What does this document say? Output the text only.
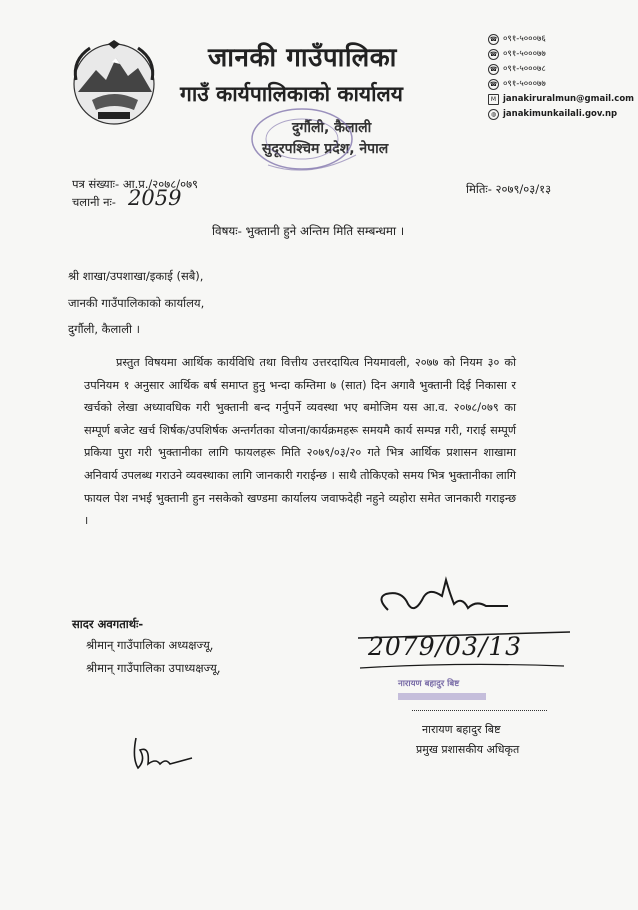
जानकी गाउँपालिका
गाउँ कार्यपालिकाको कार्यालय
दुर्गौली, कैलाली
सुदूरपश्चिम प्रदेश, नेपाल
☎ ०९१-५०००७६
☎ ०९१-५०००७७
☎ ०९१-५०००७८
☎ ०९१-५०००७७
M janakiruralmun@gmail.com
◍ janakimunkailali.gov.np
पत्र संख्याः- आ.प्र./२०७८/०७९
चलानी नः- 2059	मितिः- २०७९/०३/१३
विषयः- भुक्तानी हुने अन्तिम मिति सम्बन्धमा ।
श्री शाखा/उपशाखा/इकाई (सबै),
जानकी गाउँपालिकाको कार्यालय,
दुर्गौली, कैलाली ।
प्रस्तुत विषयमा आर्थिक कार्यविधि तथा वित्तीय उत्तरदायित्व नियमावली, २०७७ को नियम ३० को उपनियम १ अनुसार आर्थिक बर्ष समाप्त हुनु भन्दा कम्तिमा ७ (सात) दिन अगावै भुक्तानी दिई निकासा र खर्चको लेखा अध्यावधिक गरी भुक्तानी बन्द गर्नुपर्ने व्यवस्था भए बमोजिम यस आ.व. २०७८/०७९ का सम्पूर्ण बजेट खर्च शिर्षक/उपशिर्षक अन्तर्गतका योजना/कार्यक्रमहरू समयमै कार्य सम्पन्न गरी, गराई सम्पूर्ण प्रकिया पुरा गरी भुक्तानीका लागि फायलहरू मिति २०७९/०३/२० गते भित्र आर्थिक प्रशासन शाखामा अनिवार्य उपलब्ध गराउने व्यवस्थाका लागि जानकारी गराईन्छ । साथै तोकिएको समय भित्र भुक्तानीका लागि फायल पेश नभई भुक्तानी हुन नसकेको खण्डमा कार्यालय जवाफदेही नहुने व्यहोरा समेत जानकारी गराइन्छ ।
2079/03/13
नारायण बहादुर बिष्ट
नारायण बहादुर बिष्ट
प्रमुख प्रशासकीय अधिकृत
सादर अवगतार्थः-
श्रीमान् गाउँपालिका अध्यक्षज्यू,
श्रीमान् गाउँपालिका उपाध्यक्षज्यू,
